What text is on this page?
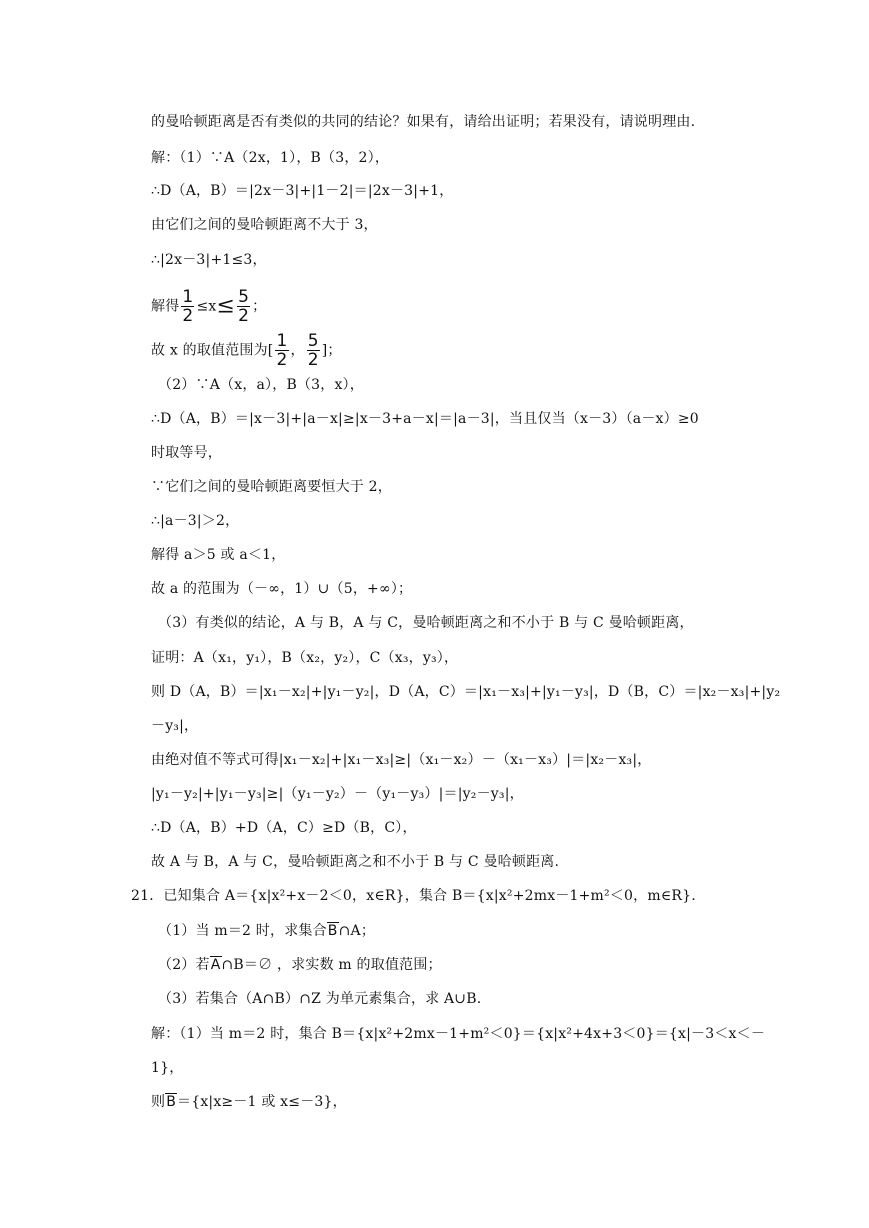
的曼哈顿距离是否有类似的共同的结论？如果有，请给出证明；若果没有，请说明理由.
解：（1）∵A（2x，1），B（3，2），
∴D（A，B）＝|2x－3|+|1－2|＝|2x－3|+1，
由它们之间的曼哈顿距离不大于 3，
∴|2x－3|+1≤3，
解得 $\frac{1}{2} \le x\le \frac{5}{2}$ ；
故 x 的取值范围为[ $\frac{1}{2}$ ， $\frac{5}{2}$ ]；
（2）∵A（x，a），B（3，x），
∴D（A，B）＝|x－3|+|a－x|≥|x－3+a－x|＝|a－3|，当且仅当（x－3）（a－x）≥0
时取等号，
∵它们之间的曼哈顿距离要恒大于 2，
∴|a－3|＞2，
解得 a＞5 或 a＜1，
故 a 的范围为（－∞，1）∪（5，+∞）；
（3）有类似的结论，A 与 B，A 与 C，曼哈顿距离之和不小于 B 与 C 曼哈顿距离，
证明：A（x₁，y₁），B（x₂，y₂），C（x₃，y₃），
则 D（A，B）＝|x₁－x₂|+|y₁－y₂|，D（A，C）＝|x₁－x₃|+|y₁－y₃|，D（B，C）＝|x₂－x₃|+|y₂
－y₃|，
由绝对值不等式可得|x₁－x₂|+|x₁－x₃|≥|（x₁－x₂）－（x₁－x₃）|＝|x₂－x₃|，
|y₁－y₂|+|y₁－y₃|≥|（y₁－y₂）－（y₁－y₃）|＝|y₂－y₃|，
∴D（A，B）+D（A，C）≥D（B，C），
故 A 与 B，A 与 C，曼哈顿距离之和不小于 B 与 C 曼哈顿距离.
21．已知集合 A＝{x|x²+x－2＜0，x∈R}，集合 B＝{x|x²+2mx－1+m²＜0，m∈R}.
（1）当 m＝2 时，求集合B∩A；
（2）若A∩B＝∅ ，求实数 m 的取值范围；
（3）若集合（A∩B）∩Z 为单元素集合，求 A∪B.
解：（1）当 m＝2 时，集合 B＝{x|x²+2mx－1+m²＜0}＝{x|x²+4x+3＜0}＝{x|－3＜x＜－
1}，
则B＝{x|x≥－1 或 x≤－3}，
